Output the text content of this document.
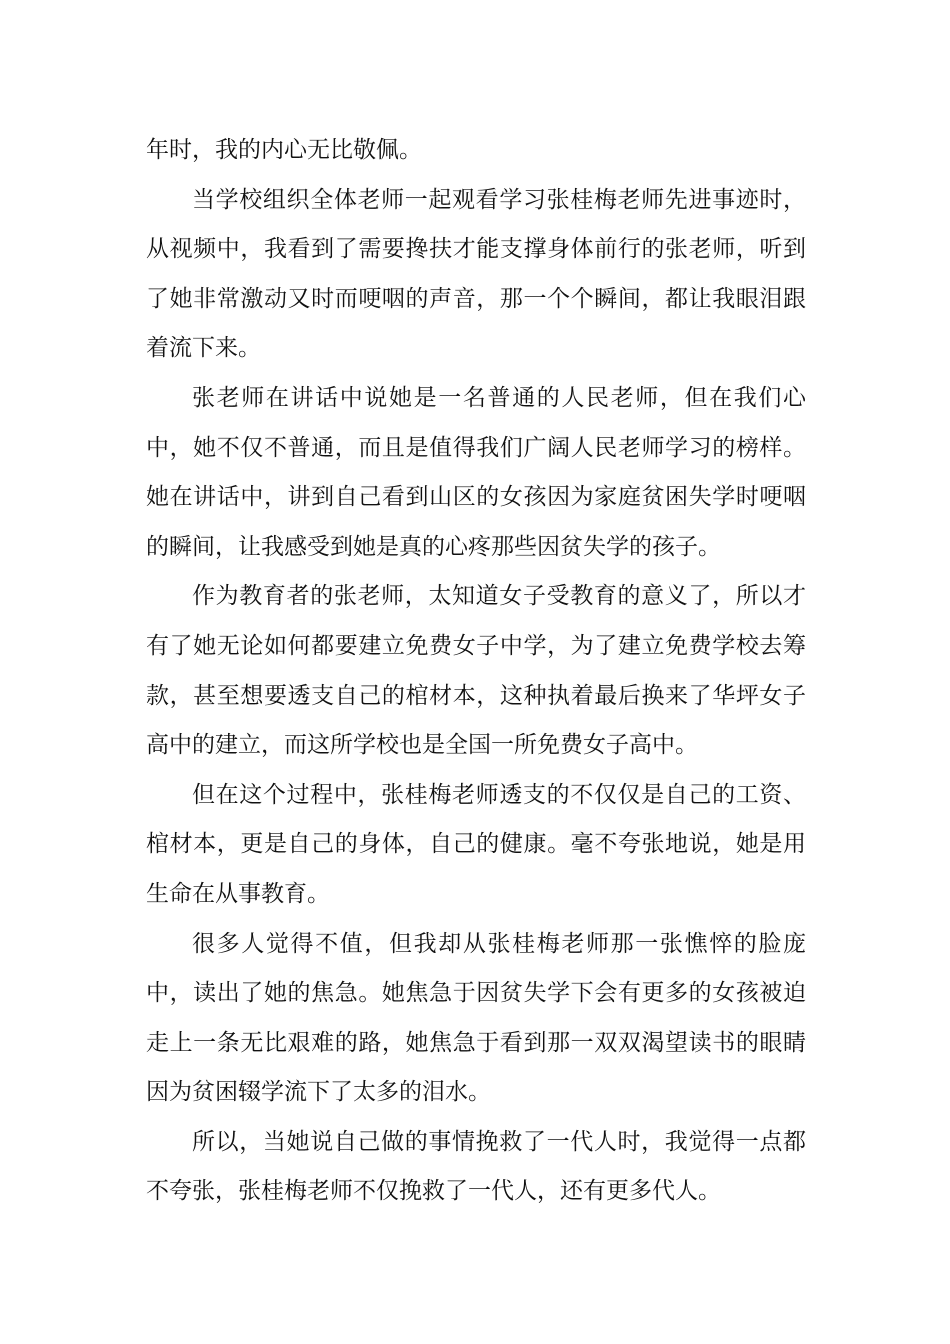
年时，我的内心无比敬佩。

当学校组织全体老师一起观看学习张桂梅老师先进事迹时，从视频中，我看到了需要搀扶才能支撑身体前行的张老师，听到了她非常激动又时而哽咽的声音，那一个个瞬间，都让我眼泪跟着流下来。

张老师在讲话中说她是一名普通的人民老师，但在我们心中，她不仅不普通，而且是值得我们广阔人民老师学习的榜样。她在讲话中，讲到自己看到山区的女孩因为家庭贫困失学时哽咽的瞬间，让我感受到她是真的心疼那些因贫失学的孩子。

作为教育者的张老师，太知道女子受教育的意义了，所以才有了她无论如何都要建立免费女子中学，为了建立免费学校去筹款，甚至想要透支自己的棺材本，这种执着最后换来了华坪女子高中的建立，而这所学校也是全国一所免费女子高中。

但在这个过程中，张桂梅老师透支的不仅仅是自己的工资、棺材本，更是自己的身体，自己的健康。毫不夸张地说，她是用生命在从事教育。

很多人觉得不值，但我却从张桂梅老师那一张憔悴的脸庞中，读出了她的焦急。她焦急于因贫失学下会有更多的女孩被迫走上一条无比艰难的路，她焦急于看到那一双双渴望读书的眼睛因为贫困辍学流下了太多的泪水。

所以，当她说自己做的事情挽救了一代人时，我觉得一点都不夸张，张桂梅老师不仅挽救了一代人，还有更多代人。
